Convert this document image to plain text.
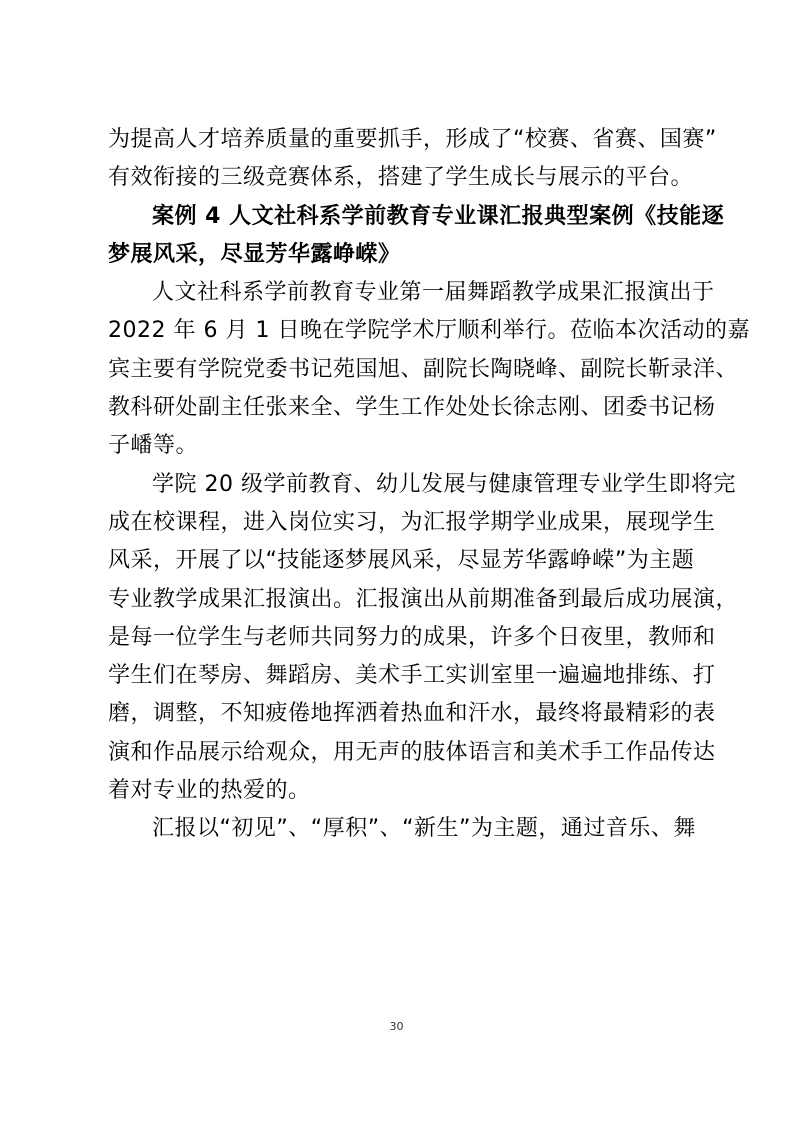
为提高人才培养质量的重要抓手，形成了“校赛、省赛、国赛”
有效衔接的三级竞赛体系，搭建了学生成长与展示的平台。
案例 4 人文社科系学前教育专业课汇报典型案例《技能逐
梦展风采，尽显芳华露峥嵘》
人文社科系学前教育专业第一届舞蹈教学成果汇报演出于
2022 年 6 月 1 日晚在学院学术厅顺利举行。莅临本次活动的嘉
宾主要有学院党委书记苑国旭、副院长陶晓峰、副院长靳录洋、
教科研处副主任张来全、学生工作处处长徐志刚、团委书记杨
子嶓等。
学院 20 级学前教育、幼儿发展与健康管理专业学生即将完
成在校课程，进入岗位实习，为汇报学期学业成果，展现学生
风采，开展了以“技能逐梦展风采，尽显芳华露峥嵘”为主题
专业教学成果汇报演出。汇报演出从前期准备到最后成功展演，
是每一位学生与老师共同努力的成果，许多个日夜里，教师和
学生们在琴房、舞蹈房、美术手工实训室里一遍遍地排练、打
磨，调整，不知疲倦地挥洒着热血和汗水，最终将最精彩的表
演和作品展示给观众，用无声的肢体语言和美术手工作品传达
着对专业的热爱的。
汇报以“初见”、“厚积”、“新生”为主题，通过音乐、舞
30
